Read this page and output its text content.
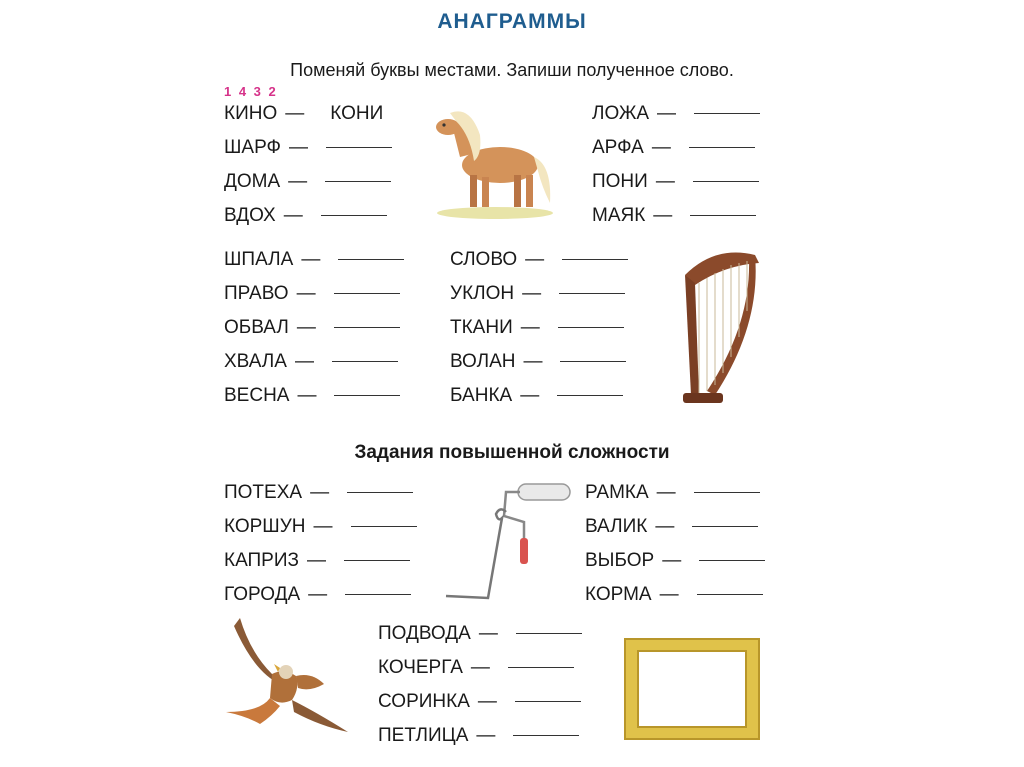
АНАГРАММЫ
Поменяй буквы местами. Запиши полученное слово.
1 4 3 2
КИНО — КОНИ
ШАРФ —
ДОМА —
ВДОХ —
ЛОЖА —
АРФА —
ПОНИ —
МАЯК —
ШПАЛА —
ПРАВО —
ОБВАЛ —
ХВАЛА —
ВЕСНА —
СЛОВО —
УКЛОН —
ТКАНИ —
ВОЛАН —
БАНКА —
Задания повышенной сложности
ПОТЕХА —
КОРШУН —
КАПРИЗ —
ГОРОДА —
РАМКА —
ВАЛИК —
ВЫБОР —
КОРМА —
ПОДВОДА —
КОЧЕРГА —
СОРИНКА —
ПЕТЛИЦА —
